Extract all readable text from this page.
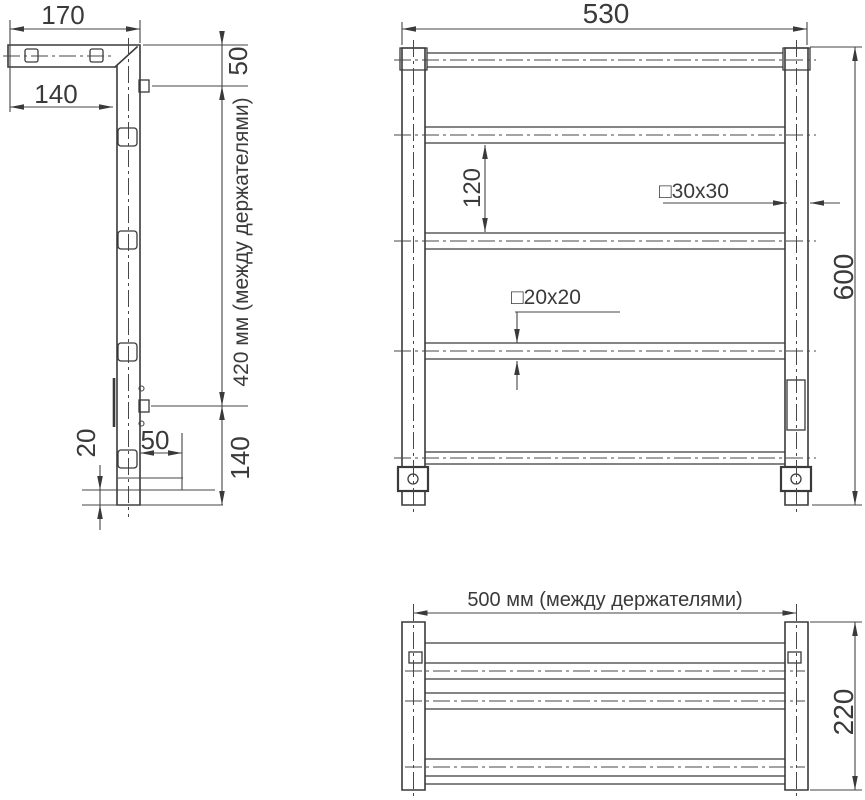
170
140
50
420 мм (между держателями)
140
20 50
530
120	□30x30
□20x20	600
500 мм (между держателями)
220
